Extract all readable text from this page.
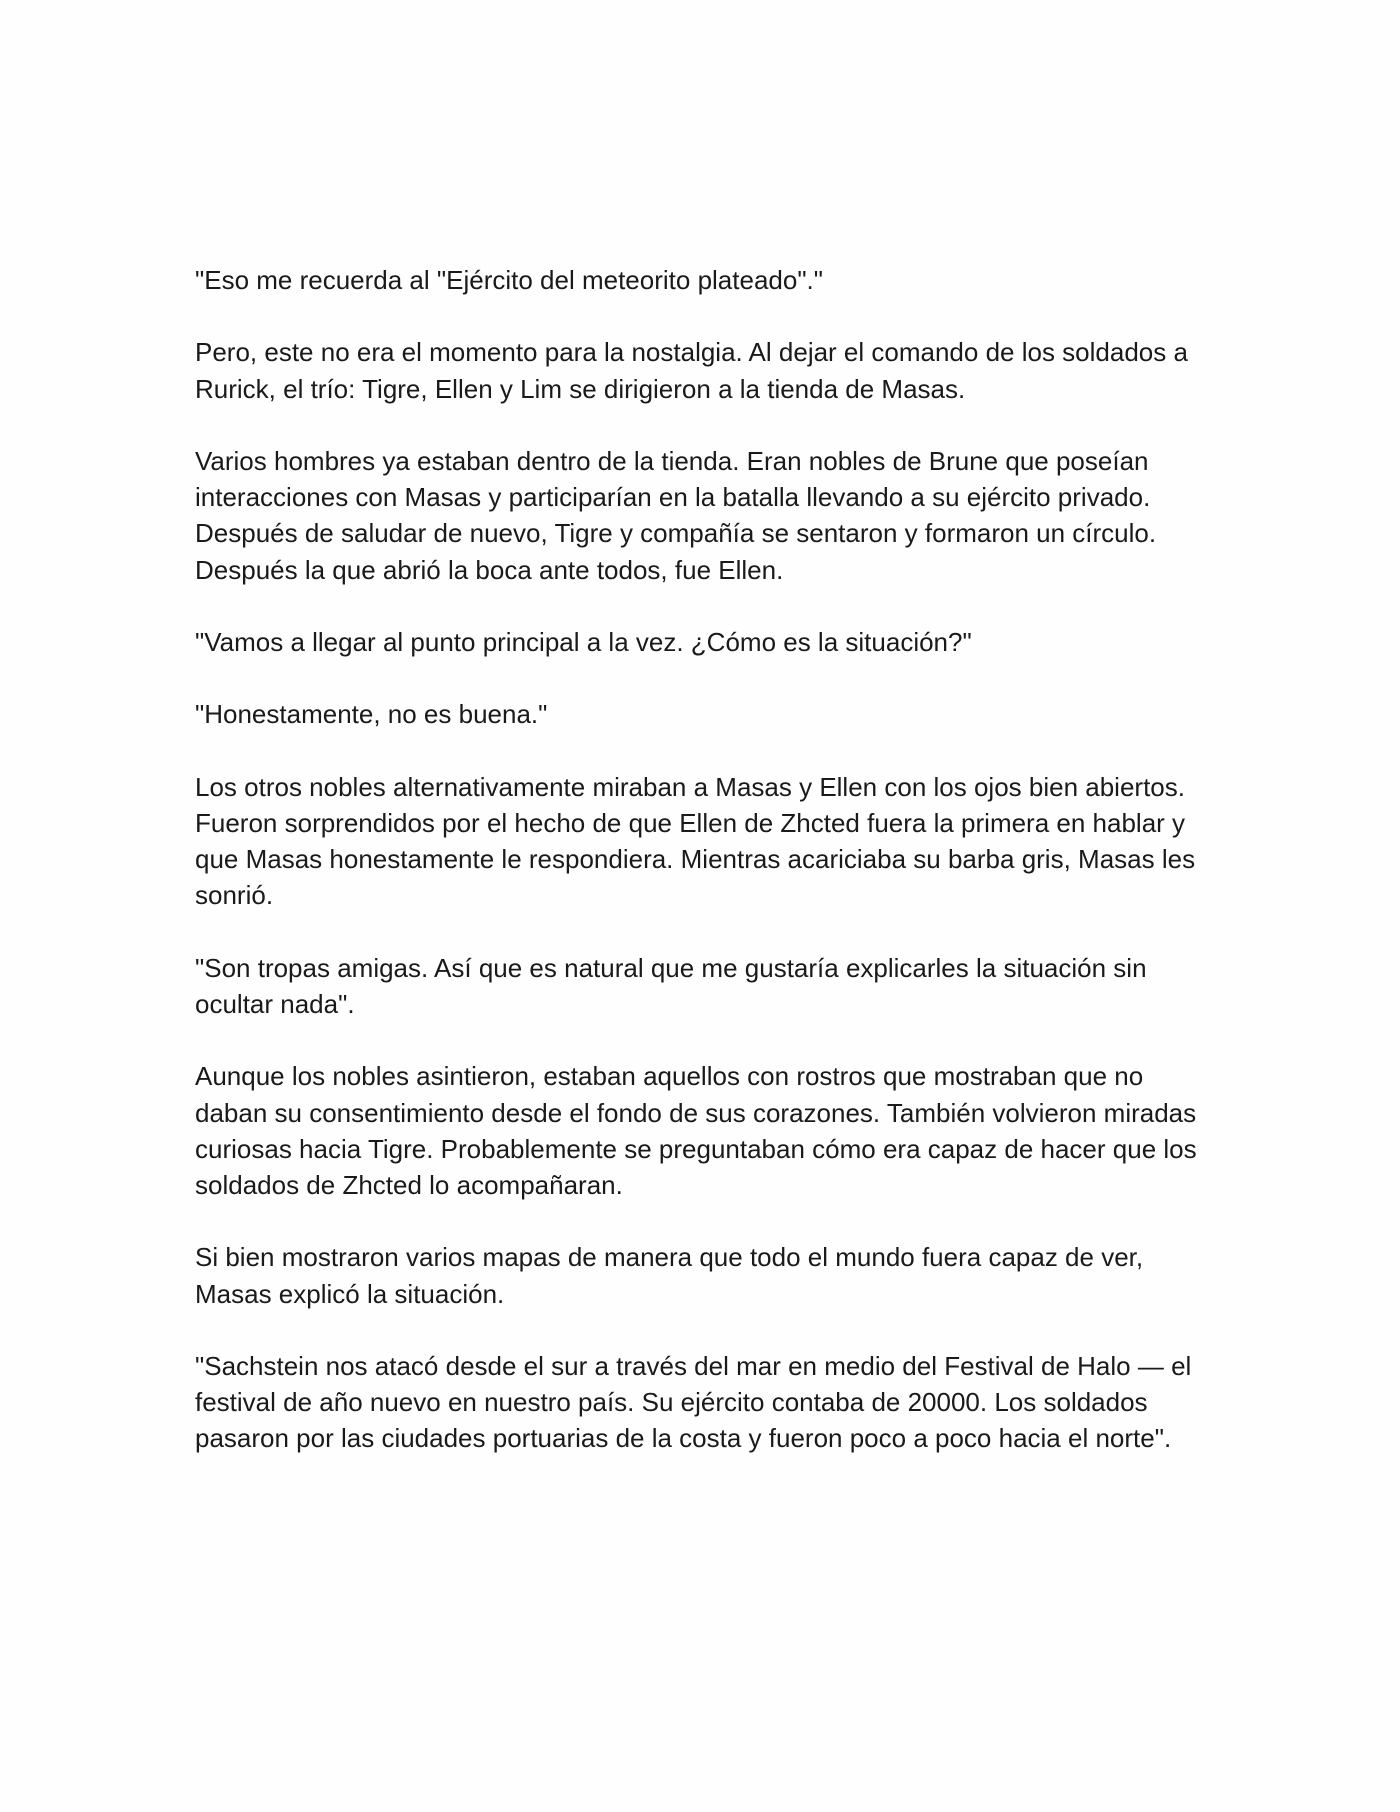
"Eso me recuerda al "Ejército del meteorito plateado"."

Pero, este no era el momento para la nostalgia. Al dejar el comando de los soldados a Rurick, el trío: Tigre, Ellen y Lim se dirigieron a la tienda de Masas.

Varios hombres ya estaban dentro de la tienda. Eran nobles de Brune que poseían interacciones con Masas y participarían en la batalla llevando a su ejército privado. Después de saludar de nuevo, Tigre y compañía se sentaron y formaron un círculo. Después la que abrió la boca ante todos, fue Ellen.

"Vamos a llegar al punto principal a la vez. ¿Cómo es la situación?"

"Honestamente, no es buena."

Los otros nobles alternativamente miraban a Masas y Ellen con los ojos bien abiertos. Fueron sorprendidos por el hecho de que Ellen de Zhcted fuera la primera en hablar y que Masas honestamente le respondiera. Mientras acariciaba su barba gris, Masas les sonrió.

"Son tropas amigas. Así que es natural que me gustaría explicarles la situación sin ocultar nada".

Aunque los nobles asintieron, estaban aquellos con rostros que mostraban que no daban su consentimiento desde el fondo de sus corazones. También volvieron miradas curiosas hacia Tigre. Probablemente se preguntaban cómo era capaz de hacer que los soldados de Zhcted lo acompañaran.

Si bien mostraron varios mapas de manera que todo el mundo fuera capaz de ver, Masas explicó la situación.

"Sachstein nos atacó desde el sur a través del mar en medio del Festival de Halo — el festival de año nuevo en nuestro país. Su ejército contaba de 20000. Los soldados pasaron por las ciudades portuarias de la costa y fueron poco a poco hacia el norte".
